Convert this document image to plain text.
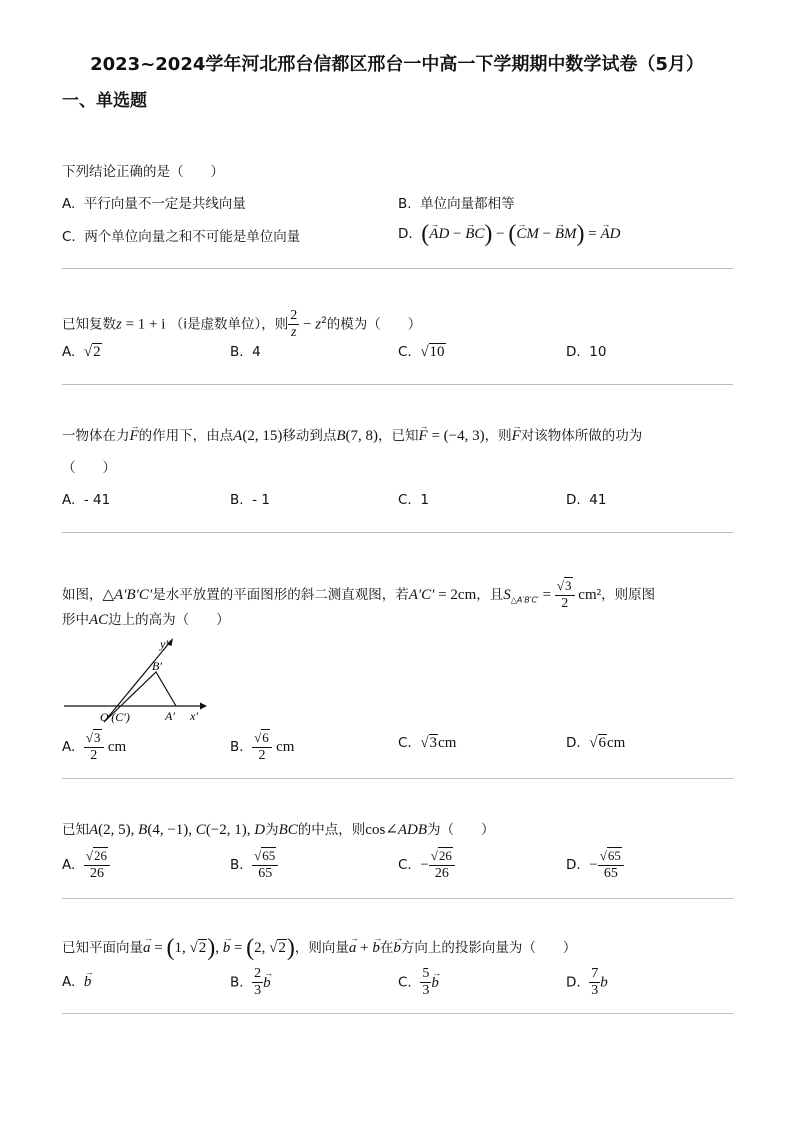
2023~2024学年河北邢台信都区邢台一中高一下学期期中数学试卷（5月）
一、单选题
下列结论正确的是（　　）
A. 平行向量不一定是共线向量	B. 单位向量都相等
C. 两个单位向量之和不可能是单位向量	D. (→ AD − → BC) − (→ CM − → BM) = → AD
已知复数z = 1 + i （i是虚数单位），则 $\frac{2}{z} - z^2$的模为（　　）
A. √2	B. 4	C. √10	D. 10
一物体在力→ F的作用下，由点A(2, 15)移动到点B(7, 8)，已知→ F = (−4, 3)，则→ F对该物体所做的功为
（　　）
A. - 41	B. - 1	C. 1	D. 41
如图，△A′B′C′是水平放置的平面图形的斜二测直观图，若A′C′ = 2cm，且$S_{\triangle A'B'C'} = \frac{√3}{2} cm^2$，则原图
形中AC边上的高为（　　）
y′
B′
O′(C′)	A′ x′
A. $\frac{√3}{2}$ cm	B. $\frac{√6}{2}$ cm	C. √3cm	D. √6cm
已知A(2, 5), B(4, −1), C(−2, 1), D为BC的中点，则cos∠ADB为（　　）
A. $\frac{√26}{26}$	B. $\frac{√65}{65}$	C. − $\frac{√26}{26}$	D. − $\frac{√65}{65}$
已知平面向量→ a = (1, √2), → b = (2, √2)，则向量→ a + → b在→ b方向上的投影向量为（　　）
A.  → b	B. $\frac{2}{3}$
→ b	C. $\frac{5}{3}$
→ b	D. $\frac{7}{3}$ b
